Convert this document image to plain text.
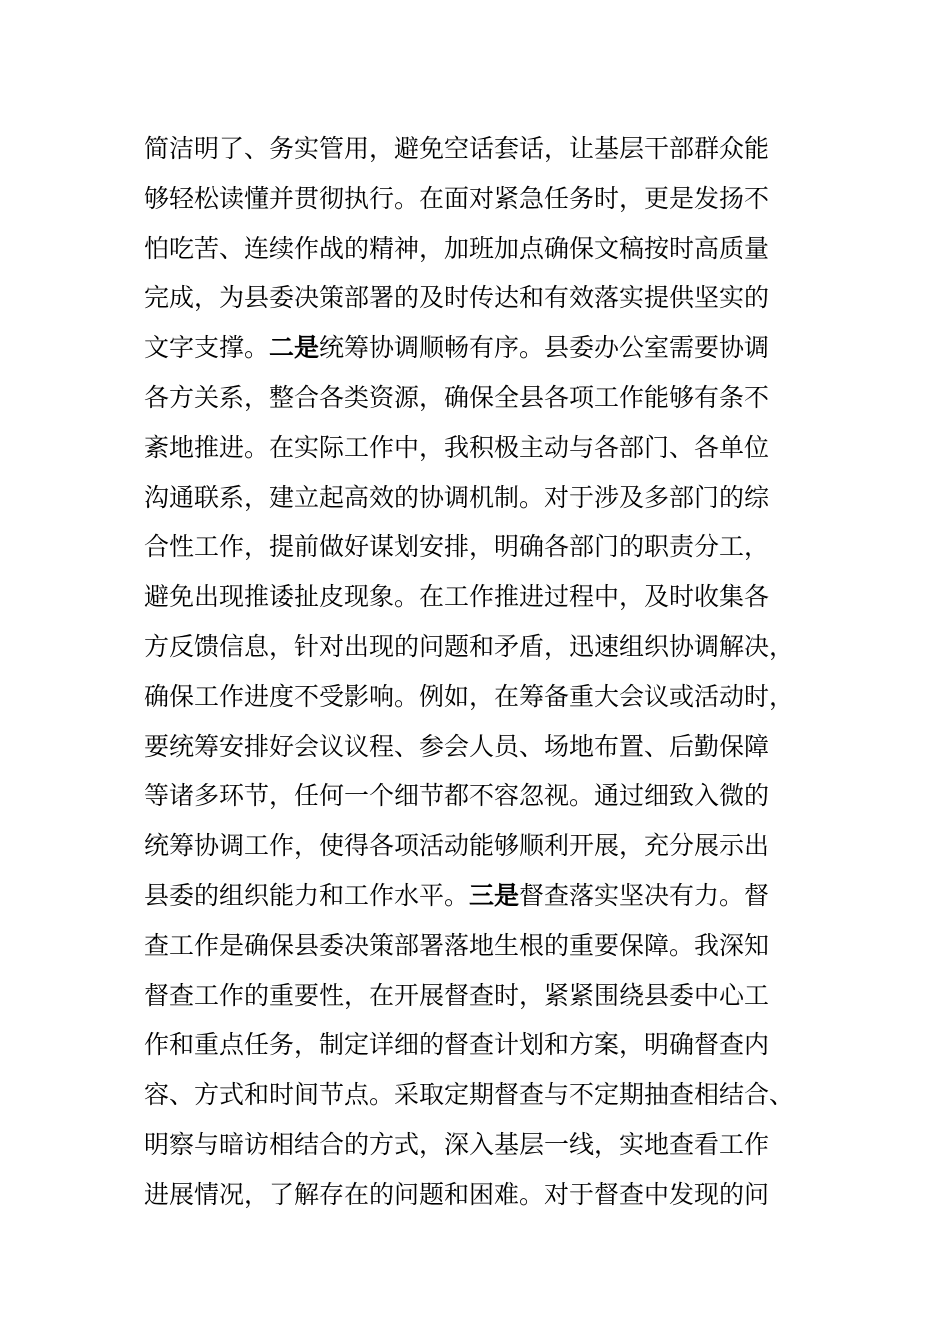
简洁明了、务实管用，避免空话套话，让基层干部群众能
够轻松读懂并贯彻执行。在面对紧急任务时，更是发扬不
怕吃苦、连续作战的精神，加班加点确保文稿按时高质量
完成，为县委决策部署的及时传达和有效落实提供坚实的
文字支撑。二是统筹协调顺畅有序。县委办公室需要协调
各方关系，整合各类资源，确保全县各项工作能够有条不
紊地推进。在实际工作中，我积极主动与各部门、各单位
沟通联系，建立起高效的协调机制。对于涉及多部门的综
合性工作，提前做好谋划安排，明确各部门的职责分工，
避免出现推诿扯皮现象。在工作推进过程中，及时收集各
方反馈信息，针对出现的问题和矛盾，迅速组织协调解决，
确保工作进度不受影响。例如，在筹备重大会议或活动时，
要统筹安排好会议议程、参会人员、场地布置、后勤保障
等诸多环节，任何一个细节都不容忽视。通过细致入微的
统筹协调工作，使得各项活动能够顺利开展，充分展示出
县委的组织能力和工作水平。三是督查落实坚决有力。督
查工作是确保县委决策部署落地生根的重要保障。我深知
督查工作的重要性，在开展督查时，紧紧围绕县委中心工
作和重点任务，制定详细的督查计划和方案，明确督查内
容、方式和时间节点。采取定期督查与不定期抽查相结合、
明察与暗访相结合的方式，深入基层一线，实地查看工作
进展情况，了解存在的问题和困难。对于督查中发现的问
